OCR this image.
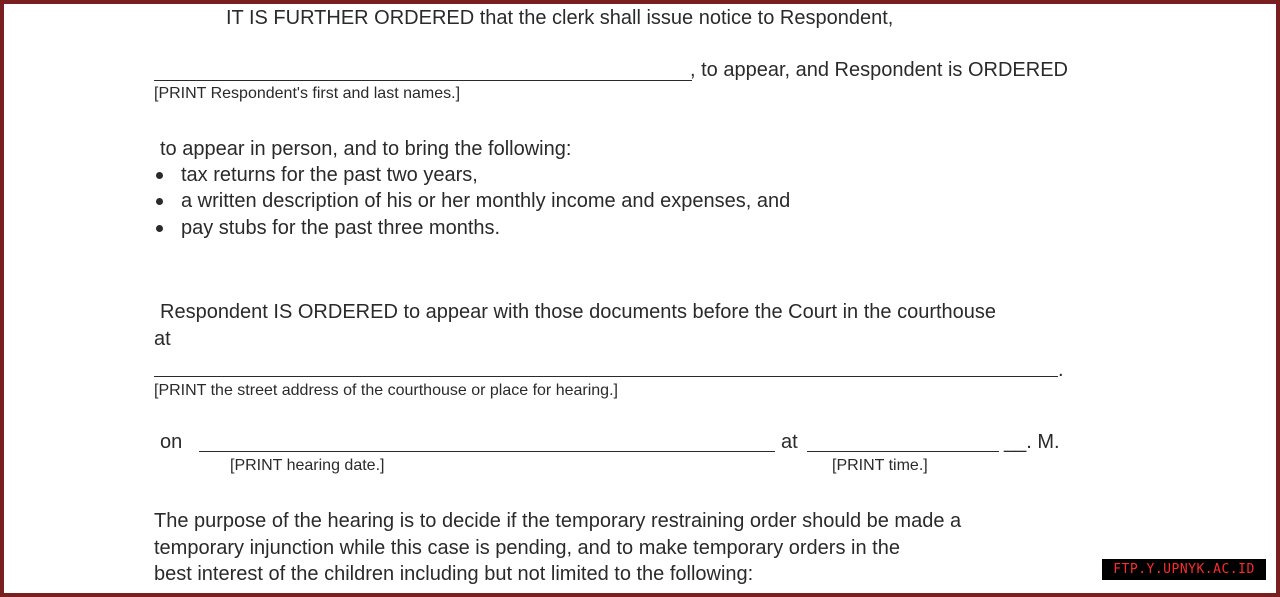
IT IS FURTHER ORDERED that the clerk shall issue notice to Respondent,
, to appear, and Respondent is ORDERED
[PRINT Respondent's first and last names.]
to appear in person, and to bring the following:
tax returns for the past two years,
a written description of his or her monthly income and expenses, and
pay stubs for the past three months.
Respondent IS ORDERED to appear with those documents before the Court in the courthouse
at
.
[PRINT the street address of the courthouse or place for hearing.]
on	at	__. M.
[PRINT hearing date.]	[PRINT time.]
The purpose of the hearing is to decide if the temporary restraining order should be made a
temporary injunction while this case is pending, and to make temporary orders in the
best interest of the children including but not limited to the following:	FTP.Y.UPNYK.AC.ID
